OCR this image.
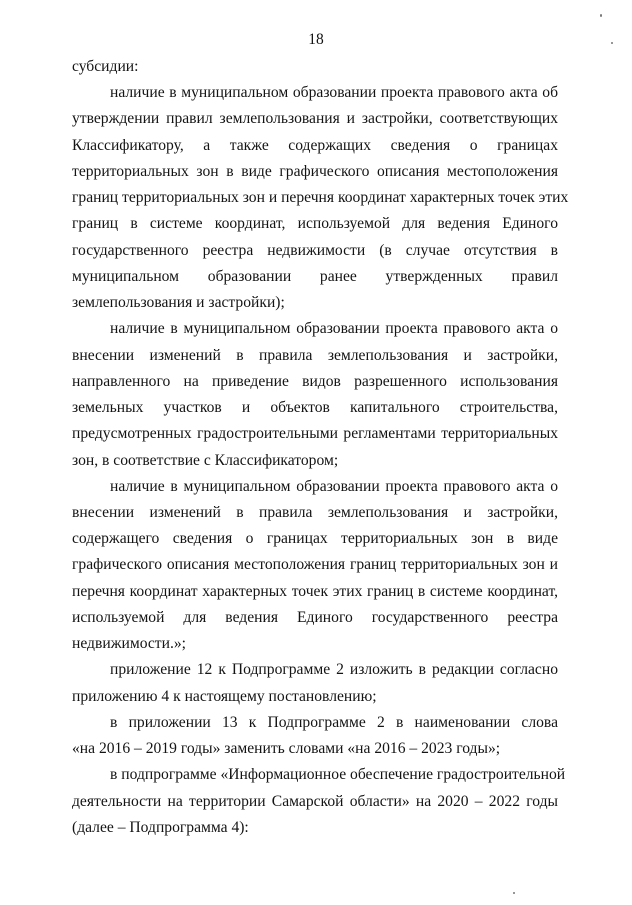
18
субсидии:
наличие в муниципальном образовании проекта правового акта об
утверждении правил землепользования и застройки, соответствующих
Классификатору, а также содержащих сведения о границах
территориальных зон в виде графического описания местоположения
границ территориальных зон и перечня координат характерных точек этих
границ в системе координат, используемой для ведения Единого
государственного реестра недвижимости (в случае отсутствия в
муниципальном образовании ранее утвержденных правил
землепользования и застройки);
наличие в муниципальном образовании проекта правового акта о
внесении изменений в правила землепользования и застройки,
направленного на приведение видов разрешенного использования
земельных участков и объектов капитального строительства,
предусмотренных градостроительными регламентами территориальных
зон, в соответствие с Классификатором;
наличие в муниципальном образовании проекта правового акта о
внесении изменений в правила землепользования и застройки,
содержащего сведения о границах территориальных зон в виде
графического описания местоположения границ территориальных зон и
перечня координат характерных точек этих границ в системе координат,
используемой для ведения Единого государственного реестра
недвижимости.»;
приложение 12 к Подпрограмме 2 изложить в редакции согласно
приложению 4 к настоящему постановлению;
в приложении 13 к Подпрограмме 2 в наименовании слова
«на 2016 – 2019 годы» заменить словами «на 2016 – 2023 годы»;
в подпрограмме «Информационное обеспечение градостроительной
деятельности на территории Самарской области» на 2020 – 2022 годы
(далее – Подпрограмма 4):
